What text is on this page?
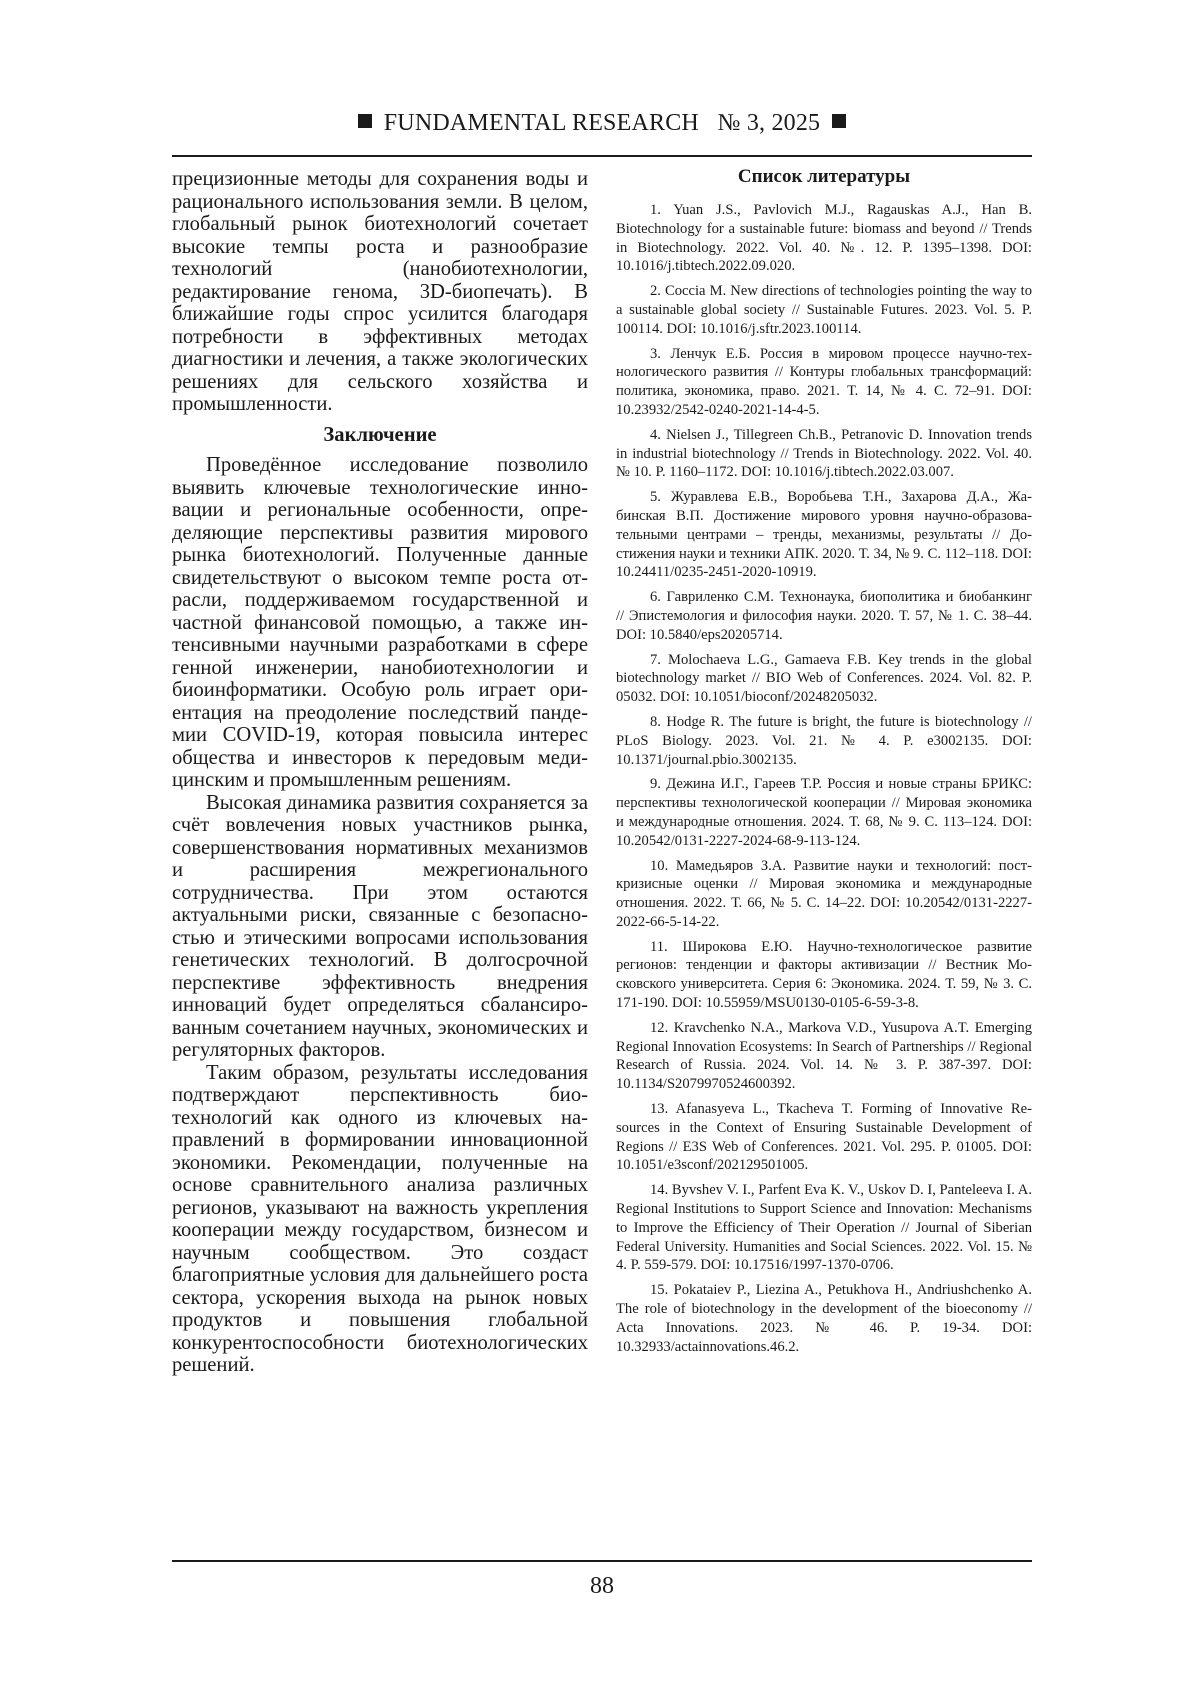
FUNDAMENTAL RESEARCH № 3, 2025

прецизионные методы для сохранения воды и рационального использования земли. В целом, глобальный рынок биотехнологий сочетает высокие темпы роста и разнообразие технологий (нанобиотехнологии, редактирование генома, 3D-биопечать). В ближайшие годы спрос усилится благодаря потребности в эффективных методах диагностики и лечения, а также экологических решениях для сельского хозяйства и промышленности.

Заключение

Проведённое исследование позволило выявить ключевые технологические инновации и региональные особенности, определяющие перспективы развития мирового рынка биотехнологий. Полученные данные свидетельствуют о высоком темпе роста отрасли, поддерживаемом государственной и частной финансовой помощью, а также интенсивными научными разработками в сфере генной инженерии, нанобиотехнологии и биоинформатики. Особую роль играет ориентация на преодоление последствий пандемии COVID-19, которая повысила интерес общества и инвесторов к передовым медицинским и промышленным решениям.

Высокая динамика развития сохраняется за счёт вовлечения новых участников рынка, совершенствования нормативных механизмов и расширения межрегионального сотрудничества. При этом остаются актуальными риски, связанные с безопасностью и этическими вопросами использования генетических технологий. В долгосрочной перспективе эффективность внедрения инноваций будет определяться сбалансированным сочетанием научных, экономических и регуляторных факторов.

Таким образом, результаты исследования подтверждают перспективность биотехнологий как одного из ключевых направлений в формировании инновационной экономики. Рекомендации, полученные на основе сравнительного анализа различных регионов, указывают на важность укрепления кооперации между государством, бизнесом и научным сообществом. Это создаст благоприятные условия для дальнейшего роста сектора, ускорения выхода на рынок новых продуктов и повышения глобальной конкурентоспособности биотехнологических решений.

Список литературы
1. Yuan J.S., Pavlovich M.J., Ragauskas A.J., Han B. Biotechnology for a sustainable future: biomass and beyond // Trends in Biotechnology. 2022. Vol. 40. №. 12. P. 1395–1398. DOI: 10.1016/j.tibtech.2022.09.020.
2. Coccia M. New directions of technologies pointing the way to a sustainable global society // Sustainable Futures. 2023. Vol. 5. P. 100114. DOI: 10.1016/j.sftr.2023.100114.
3. Ленчук Е.Б. Россия в мировом процессе научно-технологического развития // Контуры глобальных трансформаций: политика, экономика, право. 2021. Т. 14, № 4. С. 72–91. DOI: 10.23932/2542-0240-2021-14-4-5.
4. Nielsen J., Tillegreen Ch.B., Petranovic D. Innovation trends in industrial biotechnology // Trends in Biotechnology. 2022. Vol. 40. № 10. P. 1160–1172. DOI: 10.1016/j.tibtech.2022.03.007.
5. Журавлева Е.В., Воробьева Т.Н., Захарова Д.А., Жабинская В.П. Достижение мирового уровня научно-образовательными центрами – тренды, механизмы, результаты // Достижения науки и техники АПК. 2020. Т. 34, № 9. С. 112–118. DOI: 10.24411/0235-2451-2020-10919.
6. Гавриленко С.М. Технонаука, биополитика и биобанкинг // Эпистемология и философия науки. 2020. Т. 57, № 1. С. 38–44. DOI: 10.5840/eps20205714.
7. Molochaeva L.G., Gamaeva F.B. Key trends in the global biotechnology market // BIO Web of Conferences. 2024. Vol. 82. P. 05032. DOI: 10.1051/bioconf/20248205032.
8. Hodge R. The future is bright, the future is biotechnology // PLoS Biology. 2023. Vol. 21. № 4. P. e3002135. DOI: 10.1371/journal.pbio.3002135.
9. Дежина И.Г., Гареев Т.Р. Россия и новые страны БРИКС: перспективы технологической кооперации // Мировая экономика и международные отношения. 2024. Т. 68, № 9. С. 113–124. DOI: 10.20542/0131-2227-2024-68-9-113-124.
10. Мамедьяров З.А. Развитие науки и технологий: посткризисные оценки // Мировая экономика и международные отношения. 2022. Т. 66, № 5. С. 14–22. DOI: 10.20542/0131-2227-2022-66-5-14-22.
11. Широкова Е.Ю. Научно-технологическое развитие регионов: тенденции и факторы активизации // Вестник Московского университета. Серия 6: Экономика. 2024. Т. 59, № 3. С. 171-190. DOI: 10.55959/MSU0130-0105-6-59-3-8.
12. Kravchenko N.A., Markova V.D., Yusupova A.T. Emerging Regional Innovation Ecosystems: In Search of Partnerships // Regional Research of Russia. 2024. Vol. 14. № 3. P. 387-397. DOI: 10.1134/S2079970524600392.
13. Afanasyeva L., Tkacheva T. Forming of Innovative Resources in the Context of Ensuring Sustainable Development of Regions // E3S Web of Conferences. 2021. Vol. 295. P. 01005. DOI: 10.1051/e3sconf/202129501005.
14. Byvshev V. I., Parfent Eva K. V., Uskov D. I, Panteleeva I. A. Regional Institutions to Support Science and Innovation: Mechanisms to Improve the Efficiency of Their Operation // Journal of Siberian Federal University. Humanities and Social Sciences. 2022. Vol. 15. № 4. P. 559-579. DOI: 10.17516/1997-1370-0706.
15. Pokataiev P., Liezina A., Petukhova H., Andriushchenko A. The role of biotechnology in the development of the bioeconomy // Acta Innovations. 2023. № 46. P. 19-34. DOI: 10.32933/actainnovations.46.2.
88
